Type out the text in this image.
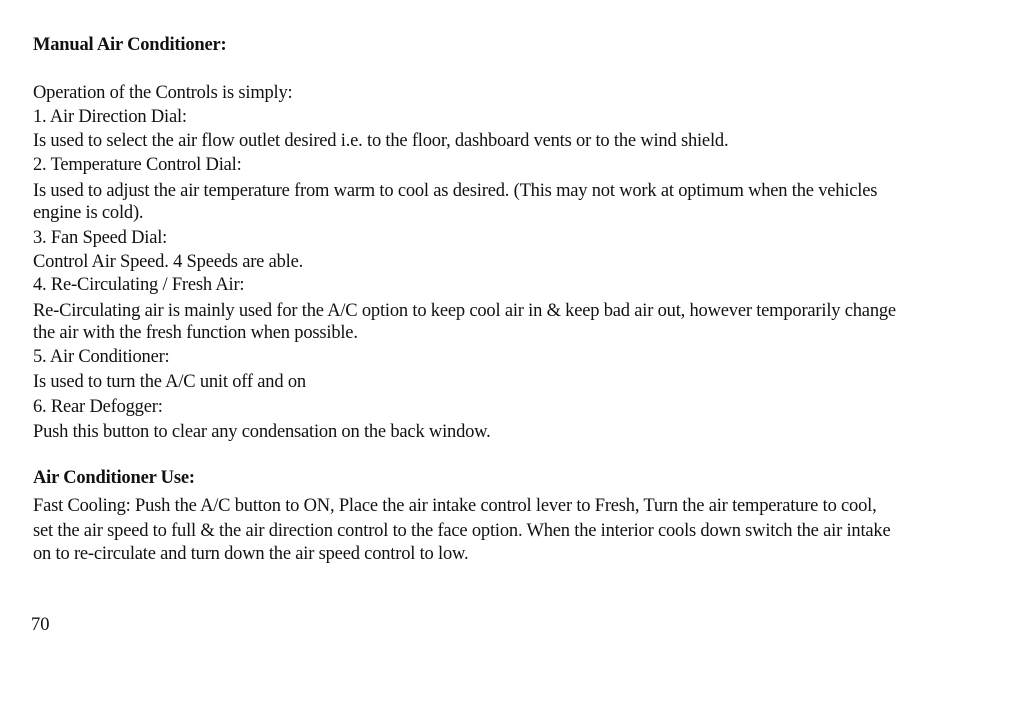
Manual Air Conditioner:
Operation of the Controls is simply:
1. Air Direction Dial:
Is used to select the air flow outlet desired i.e. to the floor, dashboard vents or to the wind shield.
2. Temperature Control Dial:
Is used to adjust the air temperature from warm to cool as desired. (This may not work at optimum when the vehicles
engine is cold).
3. Fan Speed Dial:
Control Air Speed. 4 Speeds are able.
4. Re-Circulating / Fresh Air:
Re-Circulating air is mainly used for the A/C option to keep cool air in & keep bad air out, however temporarily change
the air with the fresh function when possible.
5. Air Conditioner:
Is used to turn the A/C unit off and on
6. Rear Defogger:
Push this button to clear any condensation on the back window.
Air Conditioner Use:
Fast Cooling: Push the A/C button to ON, Place the air intake control lever to Fresh, Turn the air temperature to cool,
set the air speed to full & the air direction control to the face option. When the interior cools down switch the air intake
on to re-circulate and turn down the air speed control to low.
70
